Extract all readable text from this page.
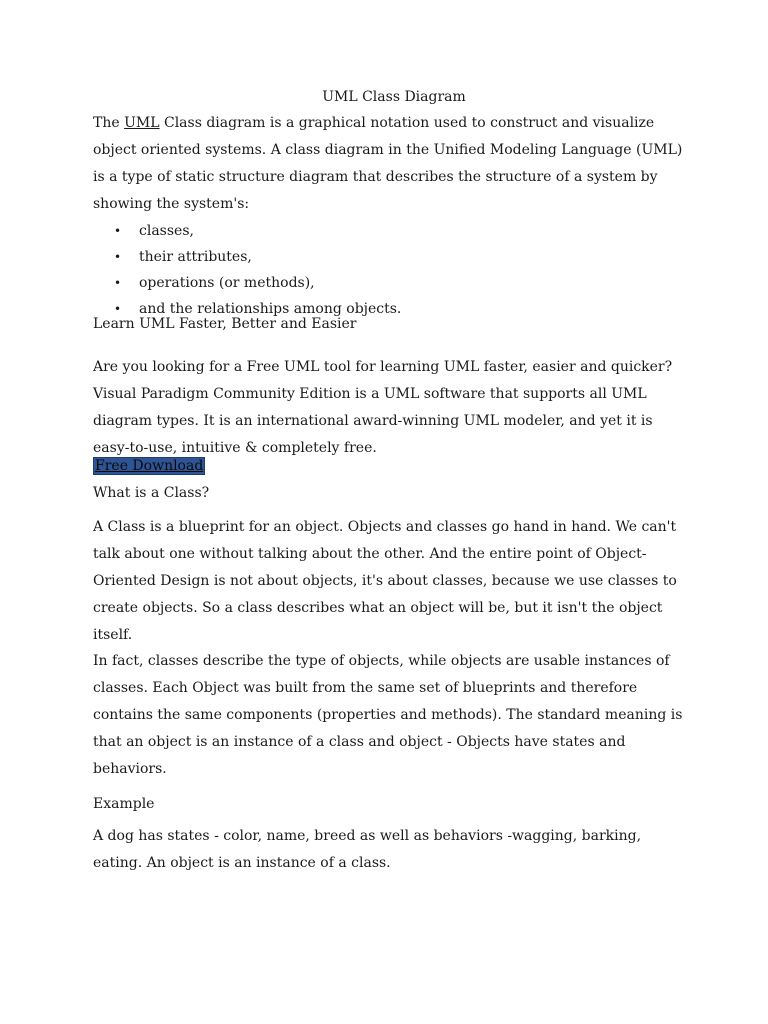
UML Class Diagram

The UML Class diagram is a graphical notation used to construct and visualize object oriented systems. A class diagram in the Unified Modeling Language (UML) is a type of static structure diagram that describes the structure of a system by showing the system's:

• classes,
• their attributes,
• operations (or methods),
• and the relationships among objects.

Learn UML Faster, Better and Easier

Are you looking for a Free UML tool for learning UML faster, easier and quicker? Visual Paradigm Community Edition is a UML software that supports all UML diagram types. It is an international award-winning UML modeler, and yet it is easy-to-use, intuitive & completely free.

Free Download

What is a Class?

A Class is a blueprint for an object. Objects and classes go hand in hand. We can't talk about one without talking about the other. And the entire point of Object-Oriented Design is not about objects, it's about classes, because we use classes to create objects. So a class describes what an object will be, but it isn't the object itself.

In fact, classes describe the type of objects, while objects are usable instances of classes. Each Object was built from the same set of blueprints and therefore contains the same components (properties and methods). The standard meaning is that an object is an instance of a class and object - Objects have states and behaviors.

Example

A dog has states - color, name, breed as well as behaviors -wagging, barking, eating. An object is an instance of a class.
